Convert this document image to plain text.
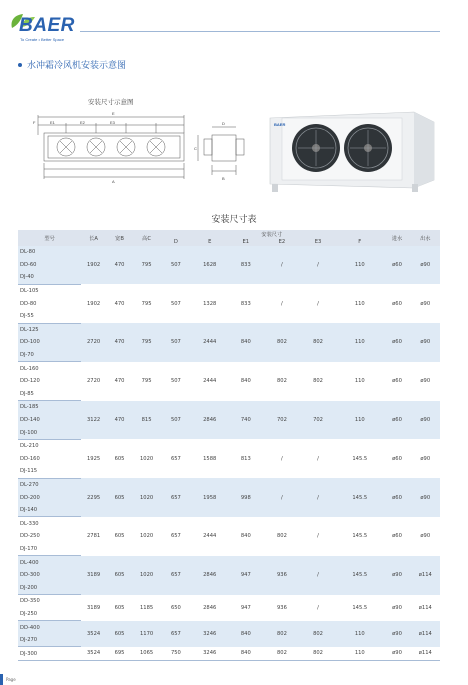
BAER
To Create • Better Space
水冲霜冷风机安装示意图
安装尺寸示意图
F	E1	E2	E3
E
A
D
C
B
BAER
安装尺寸表
型号	长A	宽B	高C	安装尺寸						进水	出水
				D	E	E1	E2	E3	F		
DL-80	1902	470	795	507	1628	833	/	/	110	ø60	ø90
DD-60											
DJ-40											
DL-105	1902	470	795	507	1328	833	/	/	110	ø60	ø90
DD-80											
DJ-55											
DL-125	2720	470	795	507	2444	840	802	802	110	ø60	ø90
DD-100											
DJ-70											
DL-160	2720	470	795	507	2444	840	802	802	110	ø60	ø90
DD-120											
DJ-85											
DL-185	3122	470	815	507	2846	740	702	702	110	ø60	ø90
DD-140											
DJ-100											
DL-210	1925	605	1020	657	1588	813	/	/	145.5	ø60	ø90
DD-160											
DJ-115											
DL-270	2295	605	1020	657	1958	998	/	/	145.5	ø60	ø90
DD-200											
DJ-140											
DL-330	2781	605	1020	657	2444	840	802	/	145.5	ø60	ø90
DD-250											
DJ-170											
DL-400	3189	605	1020	657	2846	947	936	/	145.5	ø90	ø114
DD-300											
DJ-200											
DD-350	3189	605	1185	650	2846	947	936	/	145.5	ø90	ø114
DJ-250											
DD-400	3524	605	1170	657	3246	840	802	802	110	ø90	ø114
DJ-270											
DJ-300	3524	695	1065	750	3246	840	802	802	110	ø90	ø114
Page
